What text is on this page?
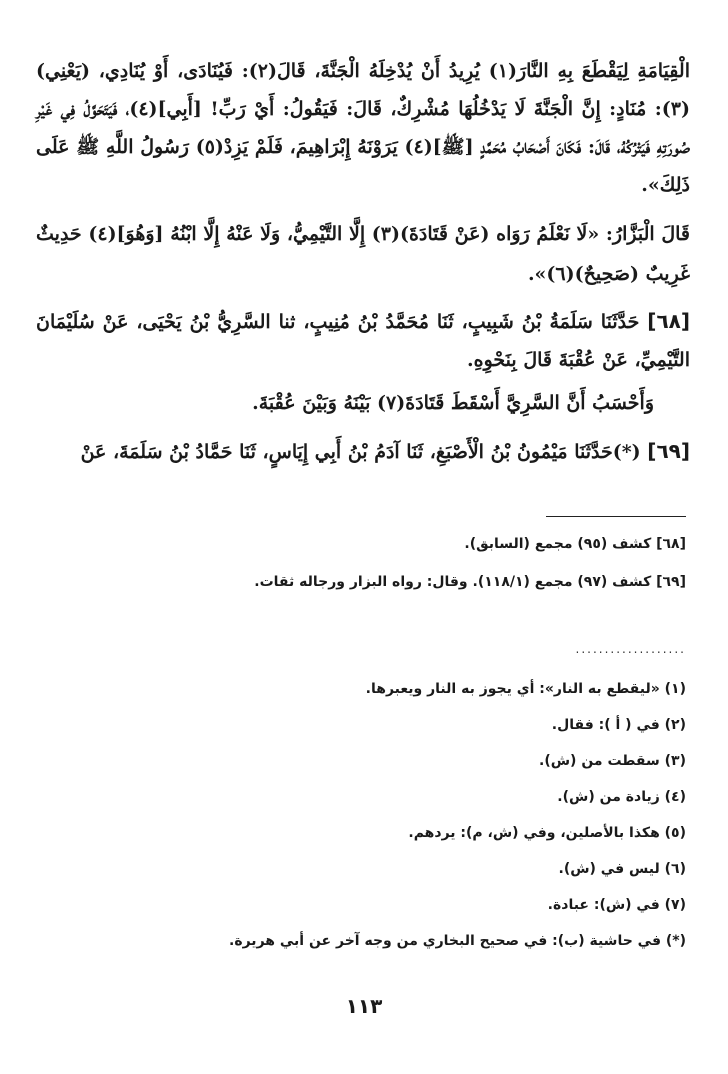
الْقِيَامَةِ لِيَقْطَعَ بِهِ النَّارَ(١) يُرِيدُ أَنْ يُدْخِلَهُ الْجَنَّةَ، قَالَ(٢): فَيُنَادَى، أَوْ يُنَادِي، (يَعْنِي)(٣): مُنَادٍ: إِنَّ الْجَنَّةَ لَا يَدْخُلُهَا مُشْرِكٌ، قَالَ: فَيَقُولُ: أَيْ رَبِّ! [أَبِي](٤)، فَيَتَحَوَّلُ فِي غَيْرِ صُورَتِهِ فَيَتْرُكُهُ، قَالَ: فَكَانَ أَصْحَابُ مُحَمَّدٍ [ﷺ](٤) يَرَوْنَهُ إِبْرَاهِيمَ، فَلَمْ يَزِدْ(٥) رَسُولُ اللَّهِ ﷺ عَلَى ذَلِكَ».

قَالَ الْبَزَّارُ: «لَا نَعْلَمُ رَوَاه (عَنْ قَتَادَةَ)(٣) إِلَّا التَّيْمِيُّ، وَلَا عَنْهُ إِلَّا ابْنُهُ [وَهُوَ](٤) حَدِيثٌ غَرِيبٌ (صَحِيحٌ)(٦)».

[٦٨] حَدَّثَنَا سَلَمَةُ بْنُ شَبِيبٍ، ثَنَا مُحَمَّدُ بْنُ مُنِيبٍ، ثنا السَّرِيُّ بْنُ يَحْيَى، عَنْ سُلَيْمَانَ التَّيْمِيِّ، عَنْ عُقْبَةَ قَالَ بِنَحْوِهِ.

وَأَحْسَبُ أَنَّ السَّرِيَّ أَسْقَطَ قَتَادَةَ(٧) بَيْنَهُ وَبَيْنَ عُقْبَةَ.

[٦٩] (*)حَدَّثَنَا مَيْمُونُ بْنُ الْأَصْبَغِ، ثَنَا آدَمُ بْنُ أَبِي إِيَاسٍ، ثَنَا حَمَّادُ بْنُ سَلَمَةَ، عَنْ

[٦٨] كشف (٩٥) مجمع (السابق).

[٦٩] كشف (٩٧) مجمع (١١٨/١). وقال: رواه البزار ورجاله ثقات.

...................

(١) «ليقطع به النار»: أي يجوز به النار ويعبرها.

(٢) في ( أ ): فقال.

(٣) سقطت من (ش).

(٤) زيادة من (ش).

(٥) هكذا بالأصلين، وفي (ش، م): يردهم.

(٦) ليس في (ش).

(٧) في (ش): عبادة.

(*) في حاشية (ب): في صحيح البخاري من وجه آخر عن أبي هريرة.

١١٣
